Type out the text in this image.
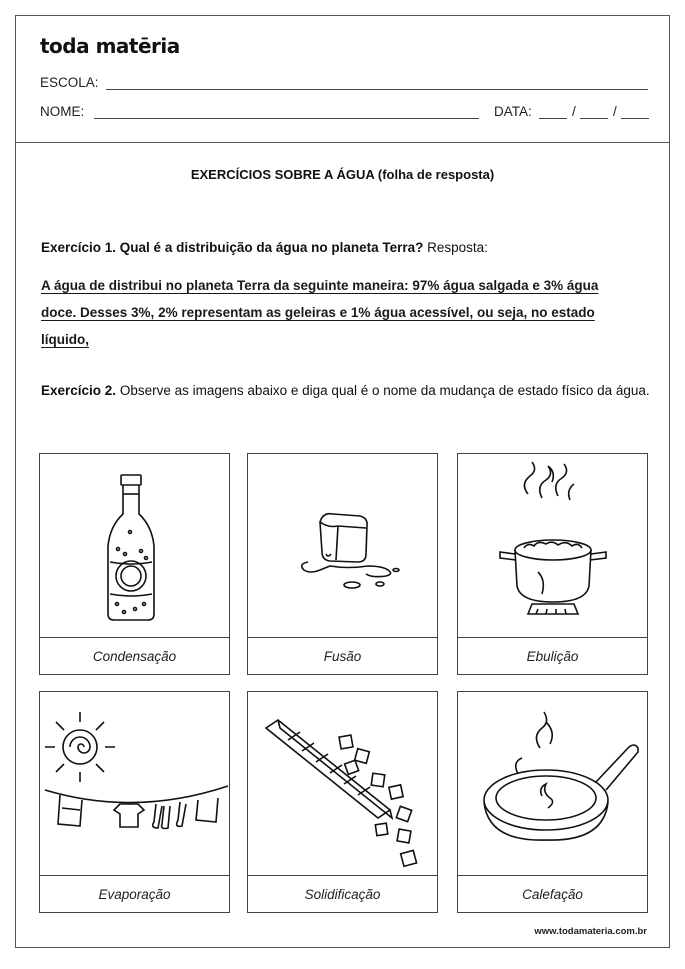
toda matēria
ESCOLA:
NOME:	DATA:	/	/
EXERCÍCIOS SOBRE A ÁGUA (folha de resposta)
Exercício 1. Qual é a distribuição da água no planeta Terra? Resposta:
A água de distribui no planeta Terra da seguinte maneira: 97% água salgada e 3% água doce. Desses 3%, 2% representam as geleiras e 1% água acessível, ou seja, no estado líquido,
Exercício 2. Observe as imagens abaixo e diga qual é o nome da mudança de estado físico da água.
Condensação	Fusão	Ebulição
Evaporação	Solidificação	Calefação
www.todamateria.com.br
